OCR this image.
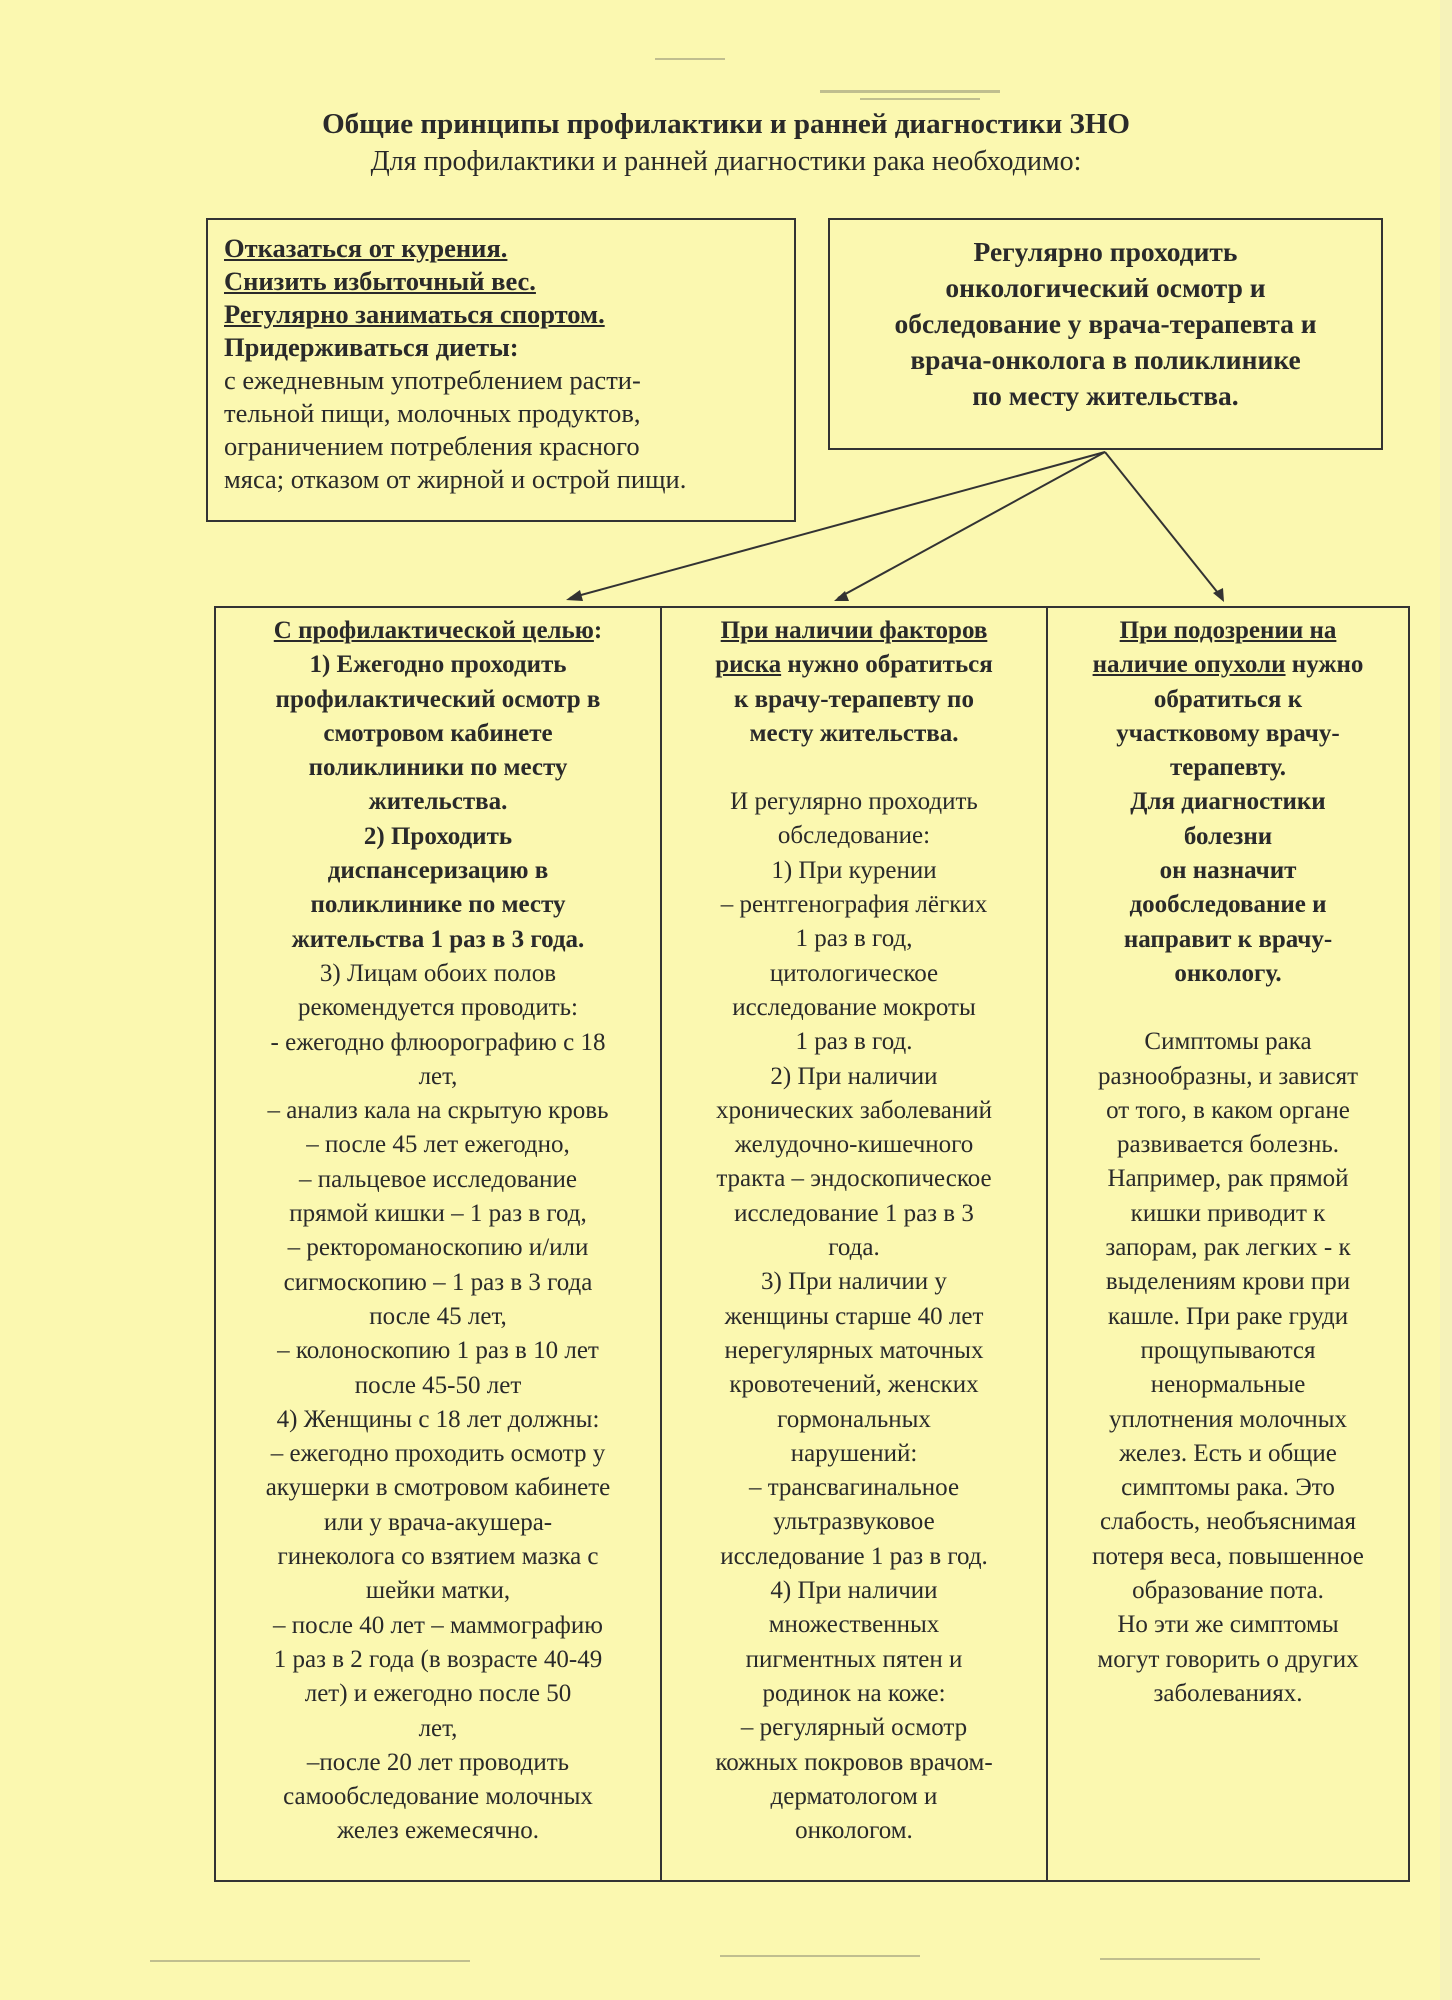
Общие принципы профилактики и ранней диагностики ЗНО
Для профилактики и ранней диагностики рака необходимо:
Отказаться от курения.
Снизить избыточный вес.
Регулярно заниматься спортом.
Придерживаться диеты:
с ежедневным употреблением расти-
тельной пищи, молочных продуктов,
ограничением потребления красного
мяса; отказом от жирной и острой пищи.
Регулярно проходить
онкологический осмотр и
обследование у врача-терапевта и
врача-онколога в поликлинике
по месту жительства.
С профилактической целью:
1) Ежегодно проходить
профилактический осмотр в
смотровом кабинете
поликлиники по месту
жительства.
2) Проходить
диспансеризацию в
поликлинике по месту
жительства 1 раз в 3 года.
3) Лицам обоих полов
рекомендуется проводить:
- ежегодно флюорографию с 18
лет,
– анализ кала на скрытую кровь
– после 45 лет ежегодно,
– пальцевое исследование
прямой кишки – 1 раз в год,
– ректороманоскопию и/или
сигмоскопию – 1 раз в 3 года
после 45 лет,
– колоноскопию 1 раз в 10 лет
после 45-50 лет
4) Женщины с 18 лет должны:
– ежегодно проходить осмотр у
акушерки в смотровом кабинете
или у врача-акушера-
гинеколога со взятием мазка с
шейки матки,
– после 40 лет – маммографию
1 раз в 2 года (в возрасте 40-49
лет) и ежегодно после 50
лет,
–после 20 лет проводить
самообследование молочных
желез ежемесячно.
При наличии факторов
риска нужно обратиться
к врачу-терапевту по
месту жительства.
И регулярно проходить
обследование:
1) При курении
– рентгенография лёгких
1 раз в год,
цитологическое
исследование мокроты
1 раз в год.
2) При наличии
хронических заболеваний
желудочно-кишечного
тракта – эндоскопическое
исследование 1 раз в 3
года.
3) При наличии у
женщины старше 40 лет
нерегулярных маточных
кровотечений, женских
гормональных
нарушений:
– трансвагинальное
ультразвуковое
исследование 1 раз в год.
4) При наличии
множественных
пигментных пятен и
родинок на коже:
– регулярный осмотр
кожных покровов врачом-
дерматологом и
онкологом.
При подозрении на
наличие опухоли нужно
обратиться к
участковому врачу-
терапевту.
Для диагностики
болезни
он назначит
дообследование и
направит к врачу-
онкологу.
Симптомы рака
разнообразны, и зависят
от того, в каком органе
развивается болезнь.
Например, рак прямой
кишки приводит к
запорам, рак легких - к
выделениям крови при
кашле. При раке груди
прощупываются
ненормальные
уплотнения молочных
желез. Есть и общие
симптомы рака. Это
слабость, необъяснимая
потеря веса, повышенное
образование пота.
Но эти же симптомы
могут говорить о других
заболеваниях.
